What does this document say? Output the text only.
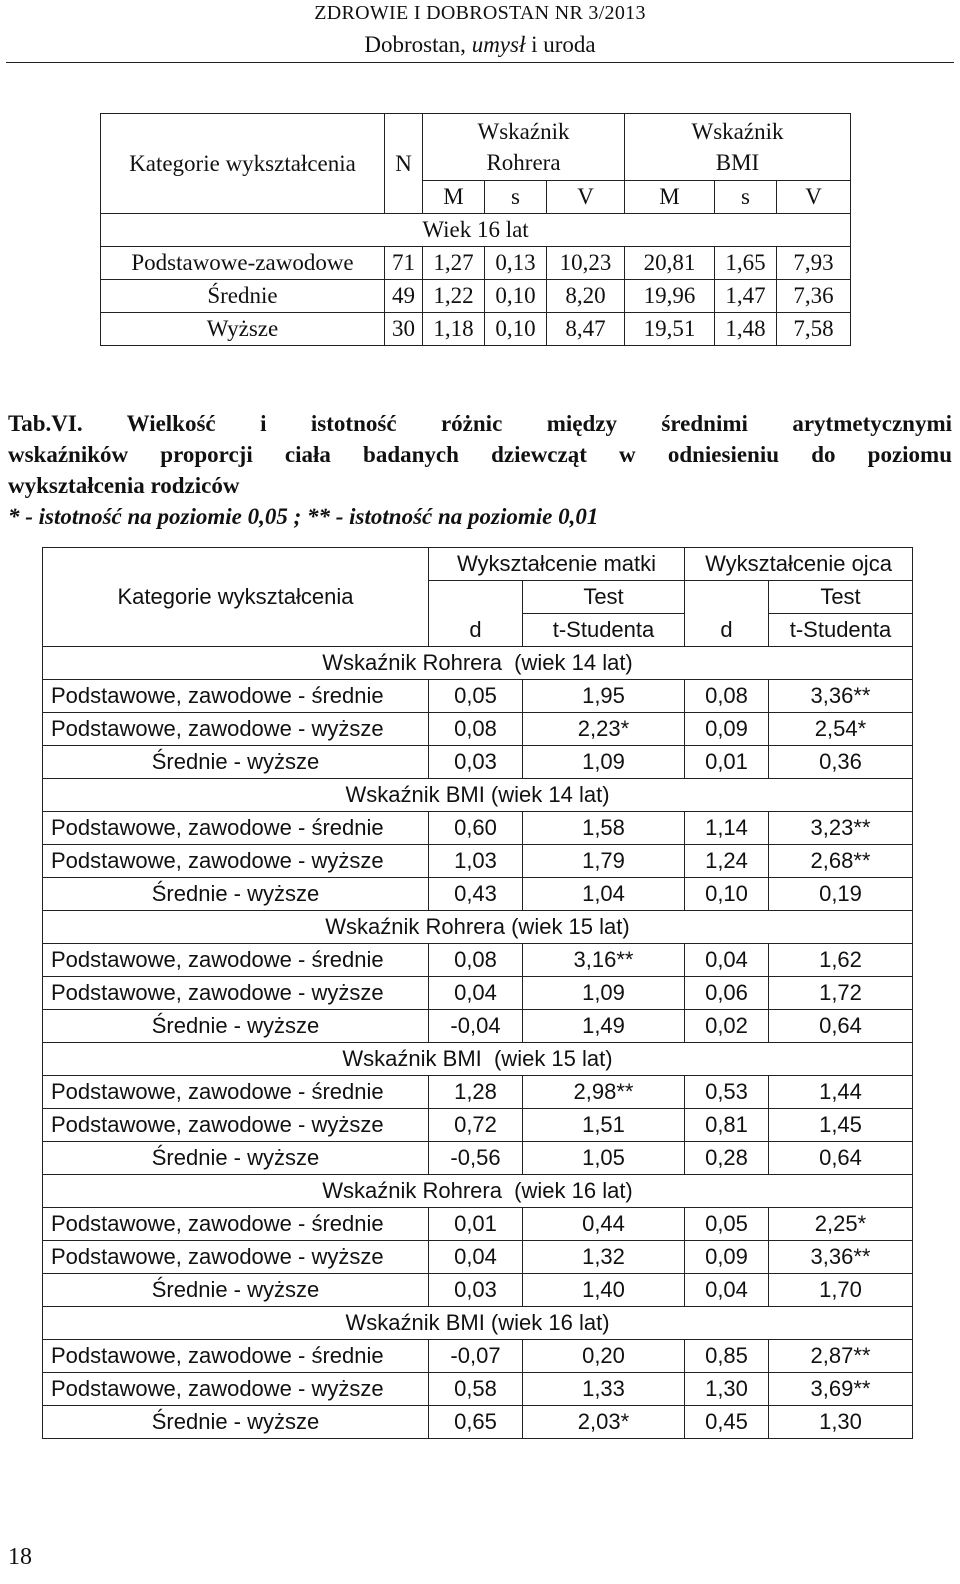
ZDROWIE I DOBROSTAN NR 3/2013
Dobrostan, umysł i uroda
Kategorie wykształcenia	N	Wskaźnik Rohrera			Wskaźnik BMI		
		M	s	V	M	s	V
Wiek 16 lat							
Podstawowe-zawodowe	71	1,27	0,13	10,23	20,81	1,65	7,93
Średnie	49	1,22	0,10	8,20	19,96	1,47	7,36
Wyższe	30	1,18	0,10	8,47	19,51	1,48	7,58
Tab.VI. Wielkość i istotność różnic między średnimi arytmetycznymi
wskaźników proporcji ciała badanych dziewcząt w odniesieniu do poziomu
wykształcenia rodziców
* - istotność na poziomie 0,05 ; ** - istotność na poziomie 0,01
Kategorie wykształcenia	Wykształcenie matki		Wykształcenie ojca	
	d	Test	d	Test
		t-Studenta		t-Studenta
Wskaźnik Rohrera  (wiek 14 lat)				
Podstawowe, zawodowe - średnie	0,05	1,95	0,08	3,36**
Podstawowe, zawodowe - wyższe	0,08	2,23*	0,09	2,54*
Średnie - wyższe	0,03	1,09	0,01	0,36
Wskaźnik BMI (wiek 14 lat)				
Podstawowe, zawodowe - średnie	0,60	1,58	1,14	3,23**
Podstawowe, zawodowe - wyższe	1,03	1,79	1,24	2,68**
Średnie - wyższe	0,43	1,04	0,10	0,19
Wskaźnik Rohrera (wiek 15 lat)				
Podstawowe, zawodowe - średnie	0,08	3,16**	0,04	1,62
Podstawowe, zawodowe - wyższe	0,04	1,09	0,06	1,72
Średnie - wyższe	-0,04	1,49	0,02	0,64
Wskaźnik BMI  (wiek 15 lat)				
Podstawowe, zawodowe - średnie	1,28	2,98**	0,53	1,44
Podstawowe, zawodowe - wyższe	0,72	1,51	0,81	1,45
Średnie - wyższe	-0,56	1,05	0,28	0,64
Wskaźnik Rohrera  (wiek 16 lat)				
Podstawowe, zawodowe - średnie	0,01	0,44	0,05	2,25*
Podstawowe, zawodowe - wyższe	0,04	1,32	0,09	3,36**
Średnie - wyższe	0,03	1,40	0,04	1,70
Wskaźnik BMI (wiek 16 lat)				
Podstawowe, zawodowe - średnie	-0,07	0,20	0,85	2,87**
Podstawowe, zawodowe - wyższe	0,58	1,33	1,30	3,69**
Średnie - wyższe	0,65	2,03*	0,45	1,30
18
